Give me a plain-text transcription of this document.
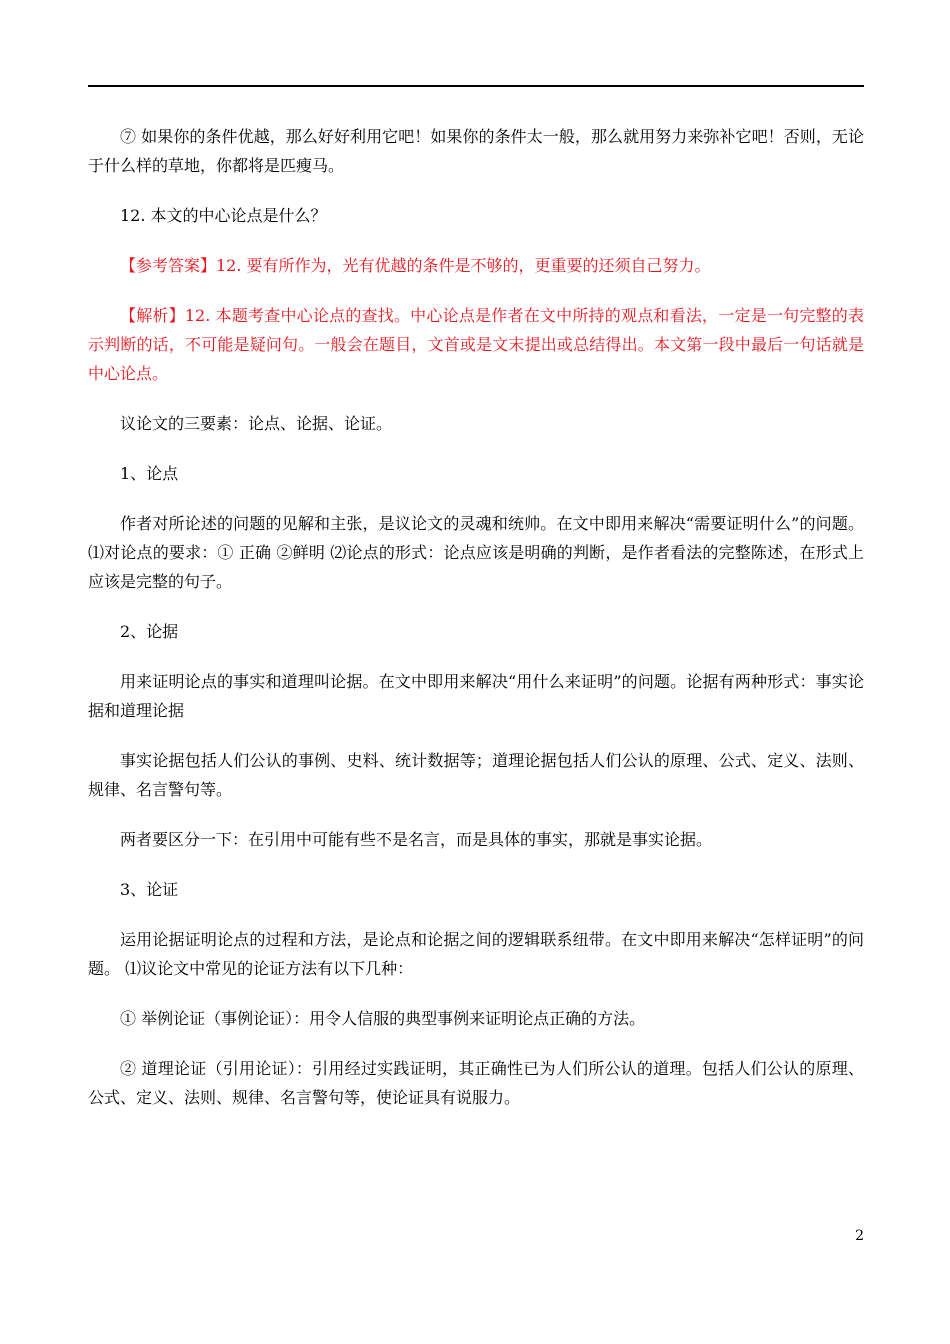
⑦ 如果你的条件优越，那么好好利用它吧！如果你的条件太一般，那么就用努力来弥补它吧！否则，无论于什么样的草地，你都将是匹瘦马。

12. 本文的中心论点是什么？

【参考答案】12. 要有所作为，光有优越的条件是不够的，更重要的还须自己努力。

【解析】12. 本题考查中心论点的查找。中心论点是作者在文中所持的观点和看法，一定是一句完整的表示判断的话，不可能是疑问句。一般会在题目，文首或是文末提出或总结得出。本文第一段中最后一句话就是中心论点。

议论文的三要素：论点、论据、论证。

1、论点

作者对所论述的问题的见解和主张，是议论文的灵魂和统帅。在文中即用来解决“需要证明什么”的问题。 ⑴对论点的要求：① 正确 ②鲜明 ⑵论点的形式：论点应该是明确的判断，是作者看法的完整陈述，在形式上应该是完整的句子。

2、论据

用来证明论点的事实和道理叫论据。在文中即用来解决“用什么来证明”的问题。论据有两种形式：事实论据和道理论据

事实论据包括人们公认的事例、史料、统计数据等；道理论据包括人们公认的原理、公式、定义、法则、规律、名言警句等。

两者要区分一下：在引用中可能有些不是名言，而是具体的事实，那就是事实论据。

3、论证

运用论据证明论点的过程和方法，是论点和论据之间的逻辑联系纽带。在文中即用来解决“怎样证明”的问题。 ⑴议论文中常见的论证方法有以下几种：

① 举例论证（事例论证）：用令人信服的典型事例来证明论点正确的方法。

② 道理论证（引用论证）：引用经过实践证明，其正确性已为人们所公认的道理。包括人们公认的原理、公式、定义、法则、规律、名言警句等，使论证具有说服力。

2
